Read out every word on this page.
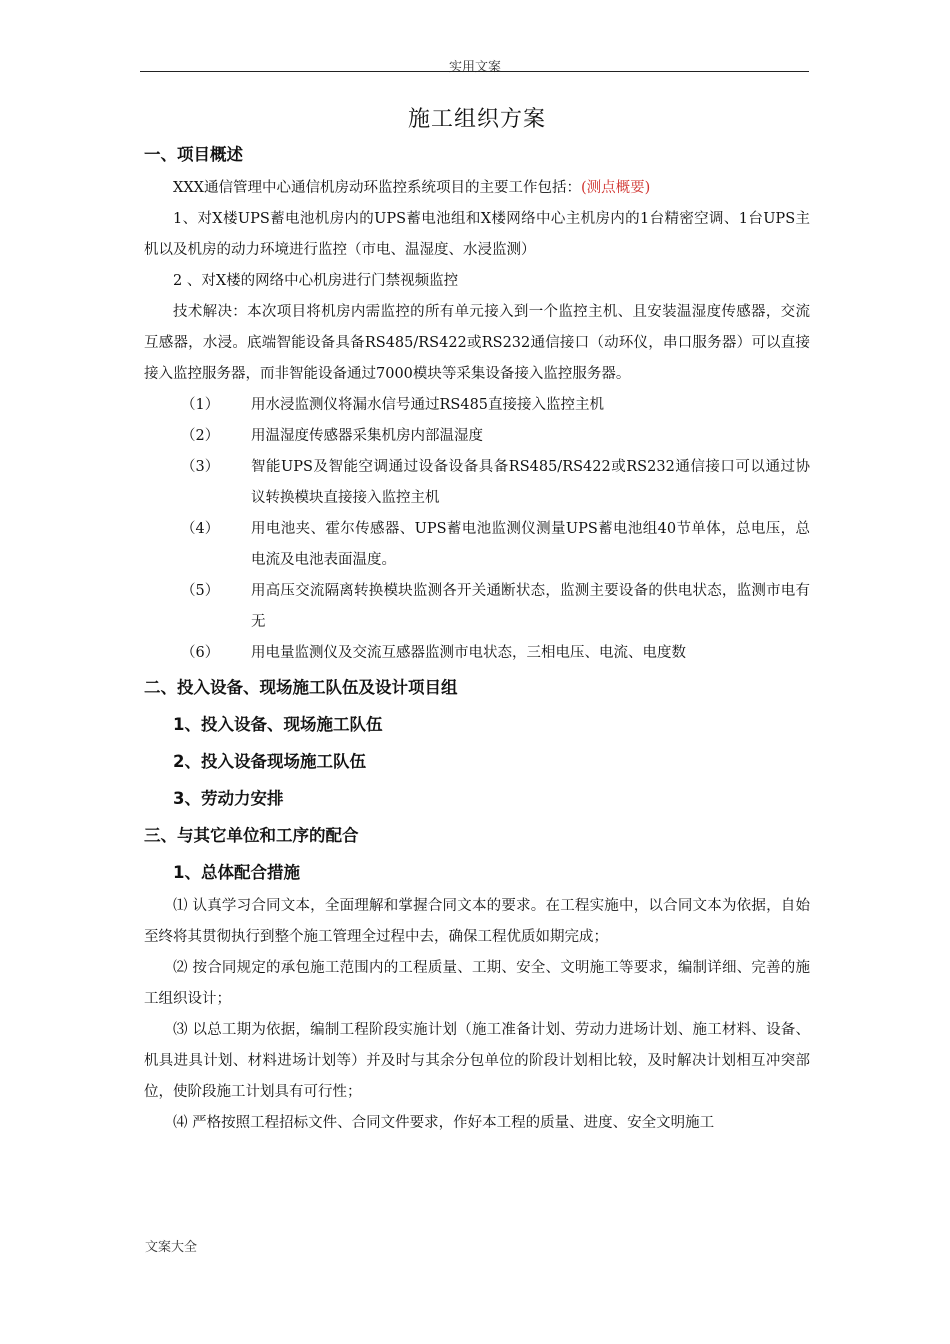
实用文案
施工组织方案
一、项目概述

XXX通信管理中心通信机房动环监控系统项目的主要工作包括：(测点概要)

1、对X楼UPS蓄电池机房内的UPS蓄电池组和X楼网络中心主机房内的1台精密空调、1台UPS主机以及机房的动力环境进行监控（市电、温湿度、水浸监测）

2 、对X楼的网络中心机房进行门禁视频监控

技术解决：本次项目将机房内需监控的所有单元接入到一个监控主机、且安装温湿度传感器，交流互感器，水浸。底端智能设备具备RS485/RS422或RS232通信接口（动环仪，串口服务器）可以直接接入监控服务器，而非智能设备通过7000模块等采集设备接入监控服务器。

（1）	用水浸监测仪将漏水信号通过RS485直接接入监控主机
（2）	用温湿度传感器采集机房内部温湿度
（3）	智能UPS及智能空调通过设备设备具备RS485/RS422或RS232通信接口可以通过协议转换模块直接接入监控主机
（4）	用电池夹、霍尔传感器、UPS蓄电池监测仪测量UPS蓄电池组40节单体，总电压，总电流及电池表面温度。
（5）	用高压交流隔离转换模块监测各开关通断状态，监测主要设备的供电状态，监测市电有无
（6）	用电量监测仪及交流互感器监测市电状态，三相电压、电流、电度数
二、投入设备、现场施工队伍及设计项目组
1、投入设备、现场施工队伍
2、投入设备现场施工队伍
3、劳动力安排
三、与其它单位和工序的配合
1、总体配合措施

⑴ 认真学习合同文本，全面理解和掌握合同文本的要求。在工程实施中，以合同文本为依据，自始至终将其贯彻执行到整个施工管理全过程中去，确保工程优质如期完成；

⑵ 按合同规定的承包施工范围内的工程质量、工期、安全、文明施工等要求，编制详细、完善的施工组织设计；

⑶ 以总工期为依据，编制工程阶段实施计划（施工准备计划、劳动力进场计划、施工材料、设备、机具进具计划、材料进场计划等）并及时与其余分包单位的阶段计划相比较，及时解决计划相互冲突部位，使阶段施工计划具有可行性；

⑷ 严格按照工程招标文件、合同文件要求，作好本工程的质量、进度、安全文明施工

文案大全
